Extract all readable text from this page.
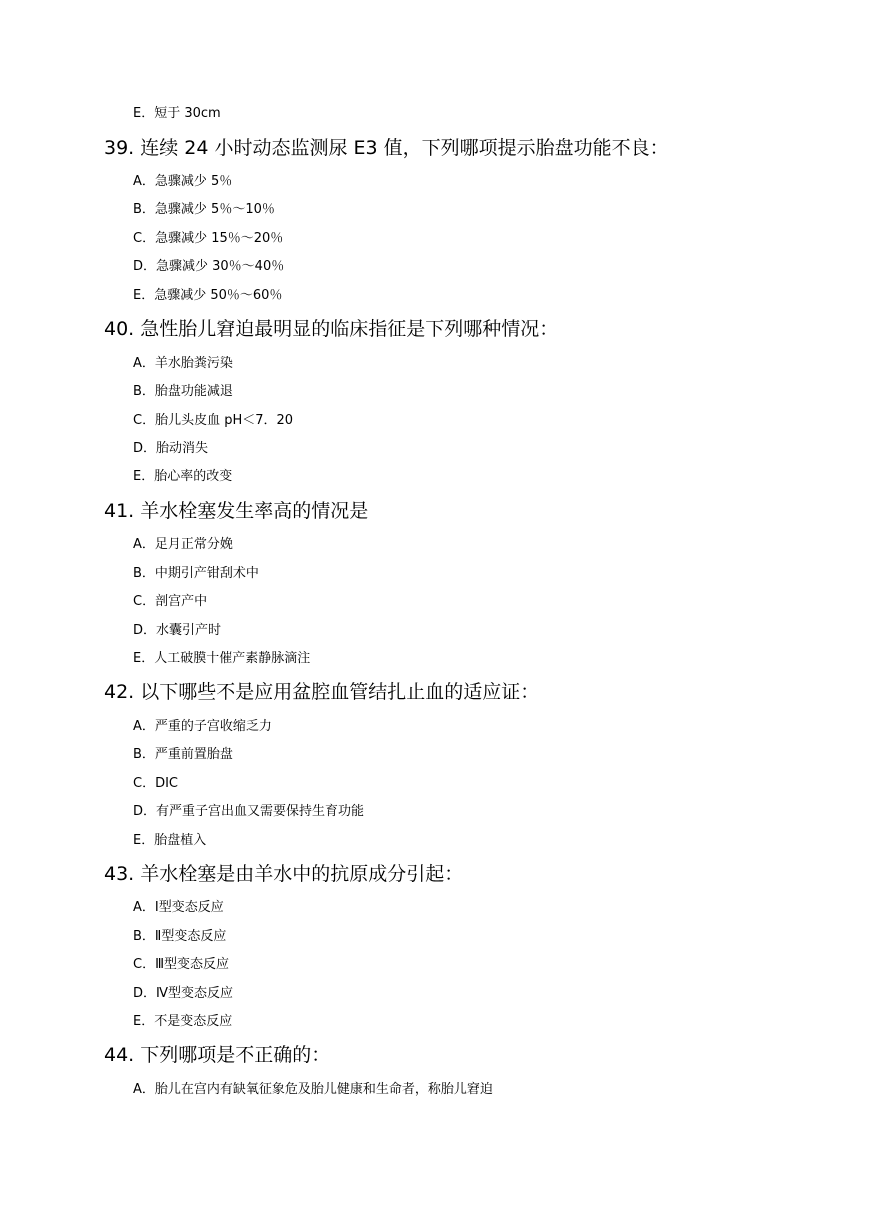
E．短于 30cm
39. 连续 24 小时动态监测尿 E3 值，下列哪项提示胎盘功能不良：
A．急骤减少 5％
B．急骤减少 5％～10％
C．急骤减少 15％～20％
D．急骤减少 30％～40％
E．急骤减少 50％～60％
40. 急性胎儿窘迫最明显的临床指征是下列哪种情况：
A．羊水胎粪污染
B．胎盘功能减退
C．胎儿头皮血 pH＜7．20
D．胎动消失
E．胎心率的改变
41. 羊水栓塞发生率高的情况是
A．足月正常分娩
B．中期引产钳刮术中
C．剖宫产中
D．水囊引产时
E．人工破膜十催产素静脉滴注
42. 以下哪些不是应用盆腔血管结扎止血的适应证：
A．严重的子宫收缩乏力
B．严重前置胎盘
C．DIC
D．有严重子宫出血又需要保持生育功能
E．胎盘植入
43. 羊水栓塞是由羊水中的抗原成分引起：
A．Ⅰ型变态反应
B．Ⅱ型变态反应
C．Ⅲ型变态反应
D．Ⅳ型变态反应
E．不是变态反应
44. 下列哪项是不正确的：
A．胎儿在宫内有缺氧征象危及胎儿健康和生命者，称胎儿窘迫
